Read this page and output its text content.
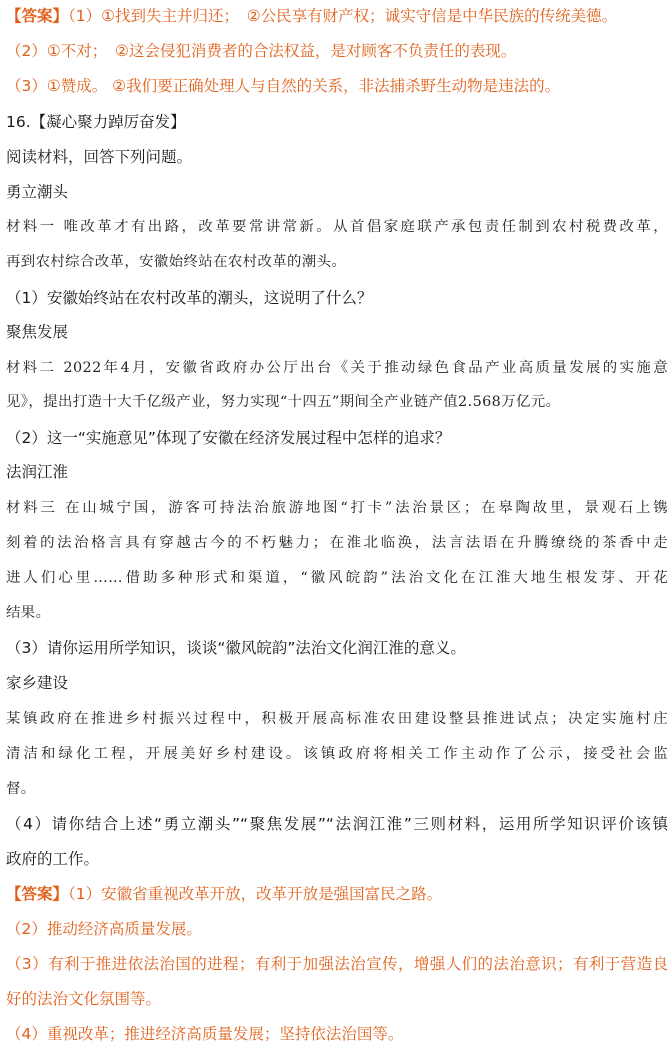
【答案】（1）①找到失主并归还；　②公民享有财产权；诚实守信是中华民族的传统美德。
（2）①不对；　②这会侵犯消费者的合法权益，是对顾客不负责任的表现。
（3）①赞成。 ②我们要正确处理人与自然的关系，非法捕杀野生动物是违法的。
16.【凝心聚力踔厉奋发】
阅读材料，回答下列问题。
勇立潮头
材料一 唯改革才有出路，改革要常讲常新。从首倡家庭联产承包责任制到农村税费改革，
再到农村综合改革，安徽始终站在农村改革的潮头。
（1）安徽始终站在农村改革的潮头，这说明了什么？
聚焦发展
材料二 2022年4月，安徽省政府办公厅出台《关于推动绿色食品产业高质量发展的实施意
见》，提出打造十大千亿级产业，努力实现“十四五”期间全产业链产值2.568万亿元。
（2）这一“实施意见”体现了安徽在经济发展过程中怎样的追求？
法润江淮
材料三 在山城宁国，游客可持法治旅游地图“打卡”法治景区；在皋陶故里，景观石上镌
刻着的法治格言具有穿越古今的不朽魅力；在淮北临涣，法言法语在升腾缭绕的茶香中走
进人们心里……借助多种形式和渠道，“徽风皖韵”法治文化在江淮大地生根发芽、开花
结果。
（3）请你运用所学知识，谈谈“徽风皖韵”法治文化润江淮的意义。
家乡建设
某镇政府在推进乡村振兴过程中，积极开展高标准农田建设整县推进试点；决定实施村庄
清洁和绿化工程，开展美好乡村建设。该镇政府将相关工作主动作了公示，接受社会监
督。
（4）请你结合上述“勇立潮头”“聚焦发展”“法润江淮”三则材料，运用所学知识评价该镇
政府的工作。
【答案】（1）安徽省重视改革开放，改革开放是强国富民之路。
（2）推动经济高质量发展。
（3）有利于推进依法治国的进程；有利于加强法治宣传，增强人们的法治意识；有利于营造良
好的法治文化氛围等。
（4）重视改革；推进经济高质量发展；坚持依法治国等。
